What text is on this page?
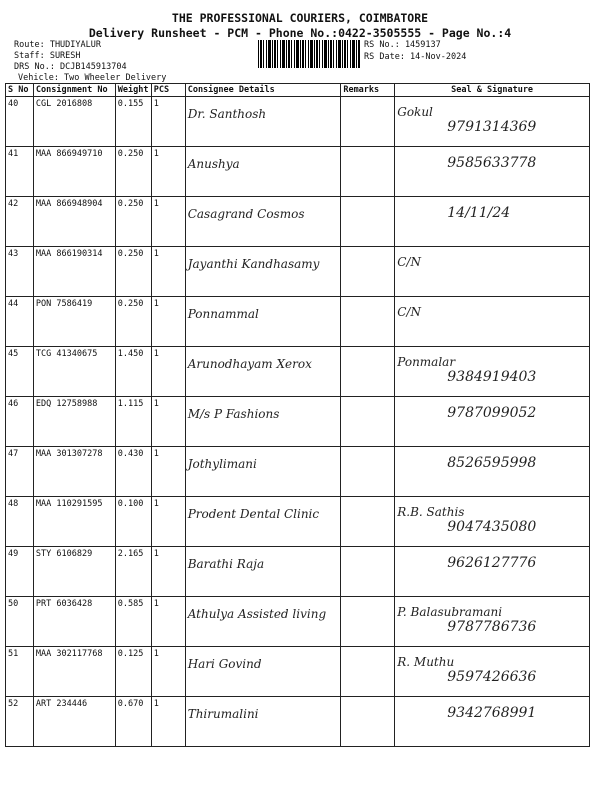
THE PROFESSIONAL COURIERS, COIMBATORE
Delivery Runsheet - PCM - Phone No.:0422-3505555 - Page No.:4
Route: THUDIYALUR
Staff: SURESH
DRS No.: DCJB145913704
Vehicle: Two Wheeler Delivery
RS No.: 1459137
RS Date: 14-Nov-2024
S No	Consignment No	Weight	PCS	Consignee Details	Remarks	Seal & Signature
40	CGL 2016808	0.155	1	Dr. Santhosh		Gokul
9791314369

41	MAA 866949710	0.250	1	Anushya		9585633778

42	MAA 866948904	0.250	1	Casagrand Cosmos		14/11/24

43	MAA 866190314	0.250	1	Jayanthi Kandhasamy		C/N

44	PON 7586419	0.250	1	Ponnammal		C/N

45	TCG 41340675	1.450	1	Arunodhayam Xerox		Ponmalar
9384919403

46	EDQ 12758988	1.115	1	M/s P Fashions		9787099052

47	MAA 301307278	0.430	1	Jothylimani		8526595998

48	MAA 110291595	0.100	1	Prodent Dental Clinic		R.B. Sathis
9047435080

49	STY 6106829	2.165	1	Barathi Raja		9626127776

50	PRT 6036428	0.585	1	Athulya Assisted living		P. Balasubramani
9787786736

51	MAA 302117768	0.125	1	Hari Govind		R. Muthu
9597426636

52	ART 234446	0.670	1	Thirumalini		9342768991
